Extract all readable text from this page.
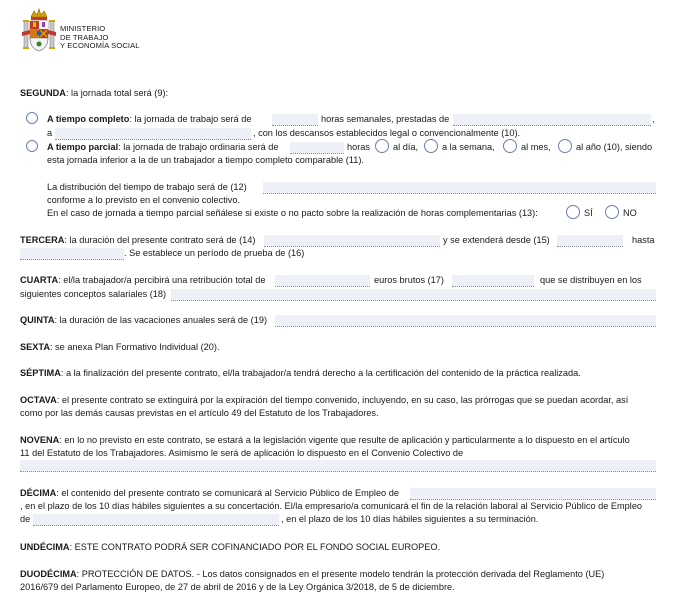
MINISTERIO
DE TRABAJO
Y ECONOMÍA SOCIAL
SEGUNDA: la jornada total será (9):
A tiempo completo: la jornada de trabajo será de	horas semanales, prestadas de	,
a	, con los descansos establecidos legal o convencionalmente (10).
A tiempo parcial: la jornada de trabajo ordinaria será de	horas	al día,	a la semana,	al mes,	al año (10), siendo
esta jornada inferior a la de un trabajador a tiempo completo comparable (11).
La distribución del tiempo de trabajo será de (12)
conforme a lo previsto en el convenio colectivo.
En el caso de jornada a tiempo parcial señálese si existe o no pacto sobre la realización de horas complementarias (13):	SÍ	NO
TERCERA: la duración del presente contrato será de (14)	y se extenderá desde (15)	hasta
. Se establece un período de prueba de (16)
CUARTA: el/la trabajador/a percibirá una retribución total de	euros brutos (17)	que se distribuyen en los
siguientes conceptos salariales (18)
QUINTA: la duración de las vacaciones anuales será de (19)
SEXTA: se anexa Plan Formativo Individual (20).
SÉPTIMA: a la finalización del presente contrato, el/la trabajador/a tendrá derecho a la certificación del contenido de la práctica realizada.
OCTAVA: el presente contrato se extinguirá por la expiración del tiempo convenido, incluyendo, en su caso, las prórrogas que se puedan acordar, así
como por las demás causas previstas en el artículo 49 del Estatuto de los Trabajadores.
NOVENA: en lo no previsto en este contrato, se estará a la legislación vigente que resulte de aplicación y particularmente a lo dispuesto en el artículo
11 del Estatuto de los Trabajadores. Asimismo le será de aplicación lo dispuesto en el Convenio Colectivo de
DÉCIMA: el contenido del presente contrato se comunicará al Servicio Público de Empleo de
, en el plazo de los 10 días hábiles siguientes a su concertación. El/la empresario/a comunicará el fin de la relación laboral al Servicio Público de Empleo
de	, en el plazo de los 10 días hábiles siguientes a su terminación.
UNDÉCIMA: ESTE CONTRATO PODRÁ SER COFINANCIADO POR EL FONDO SOCIAL EUROPEO.
DUODÉCIMA: PROTECCIÓN DE DATOS. - Los datos consignados en el presente modelo tendrán la protección derivada del Reglamento (UE)
2016/679 del Parlamento Europeo, de 27 de abril de 2016 y de la Ley Orgánica 3/2018, de 5 de diciembre.
